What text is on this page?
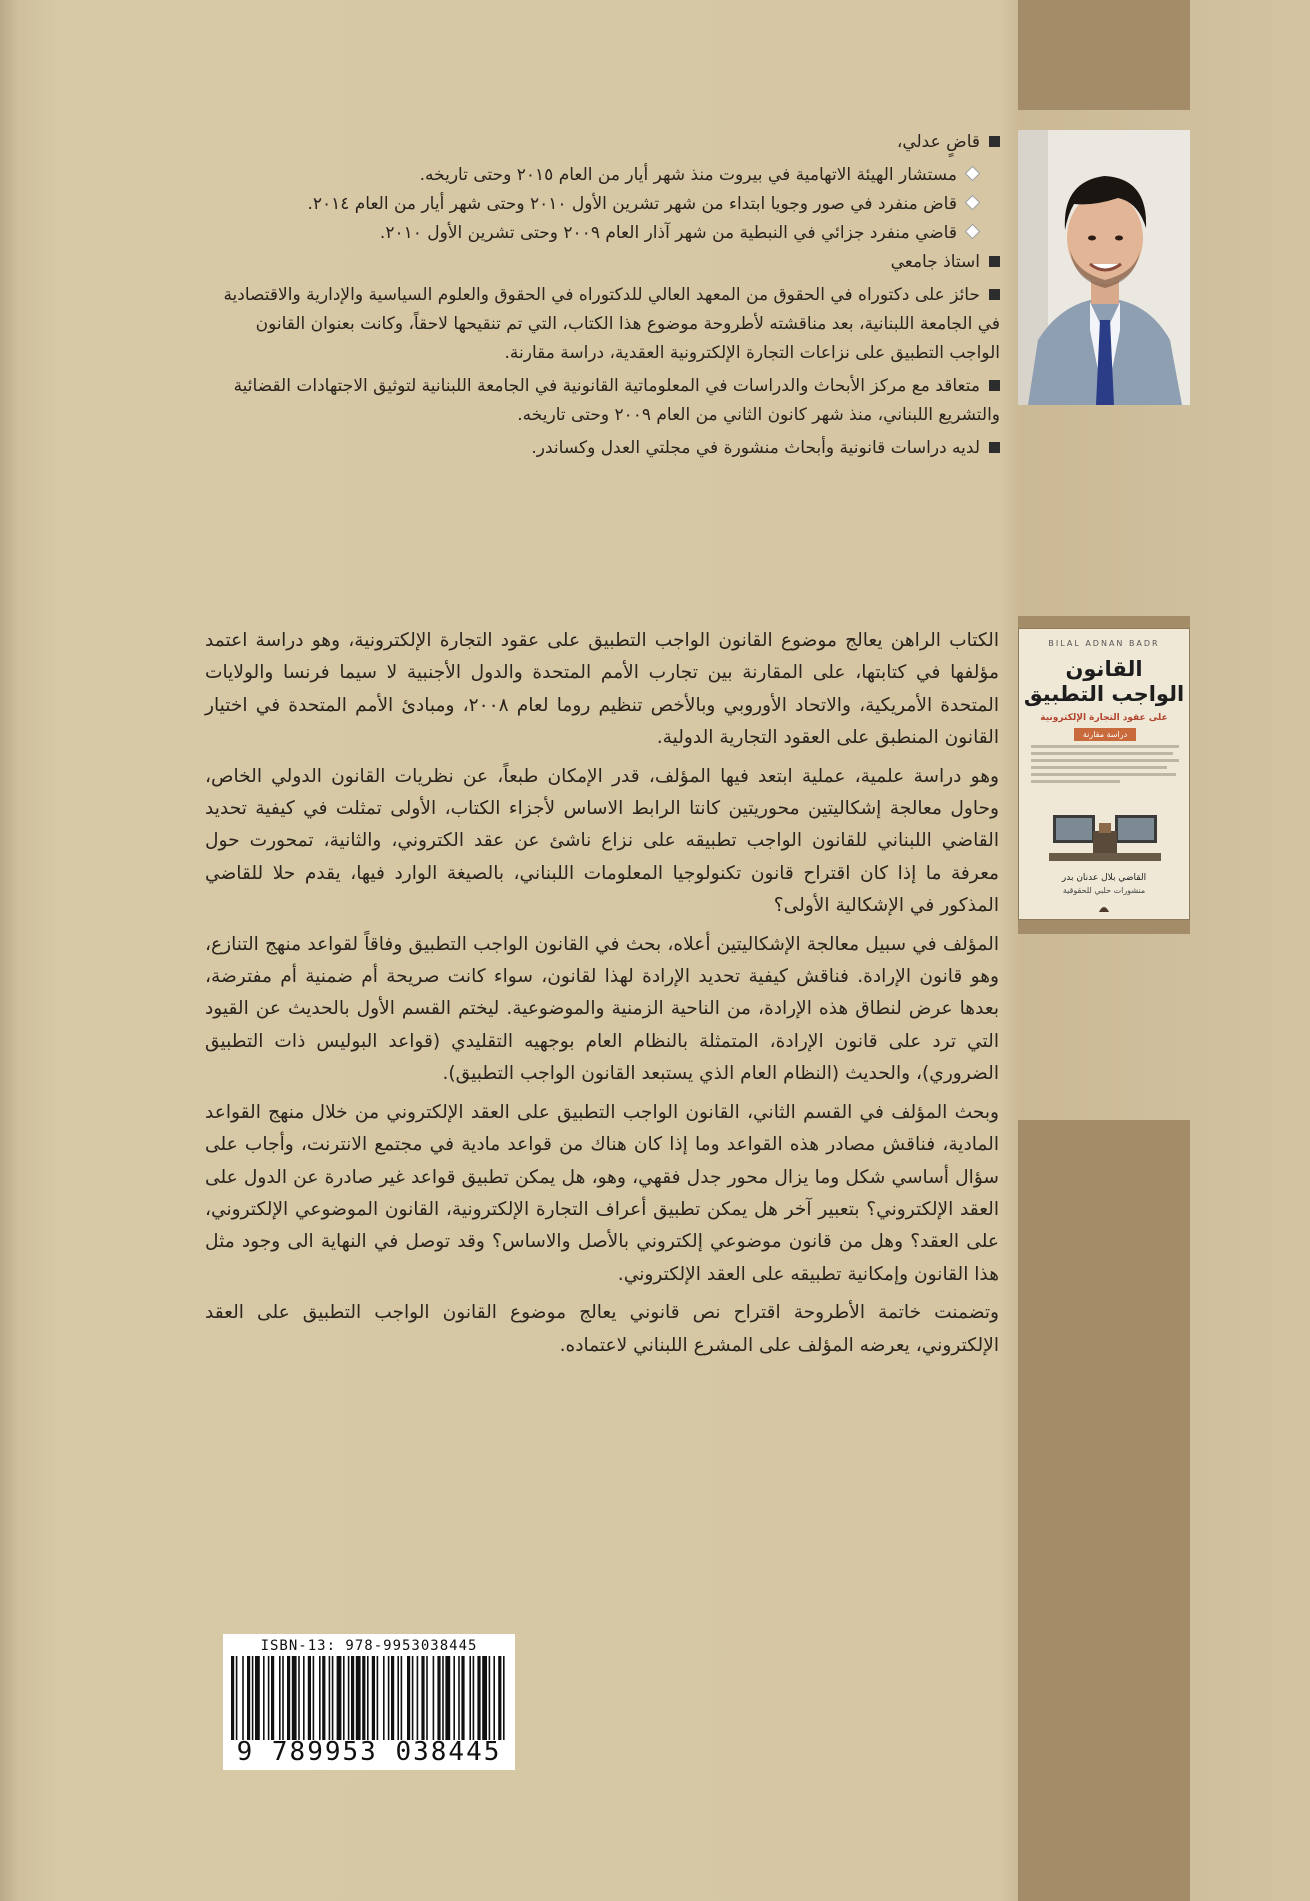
BILAL ADNAN BADR
القانون
الواجب التطبيق
على عقود التجارة الإلكترونية
دراسة مقارنة
القاضي بلال عدنان بدر
منشورات حلبي للحقوقية
قاضٍ عدلي،
مستشار الهيئة الاتهامية في بيروت منذ شهر أيار من العام ٢٠١٥ وحتى تاريخه.
قاض منفرد في صور وجويا ابتداء من شهر تشرين الأول ٢٠١٠ وحتى شهر أيار من العام ٢٠١٤.
قاضي منفرد جزائي في النبطية من شهر آذار العام ٢٠٠٩ وحتى تشرين الأول ٢٠١٠.
استاذ جامعي
حائز على دكتوراه في الحقوق من المعهد العالي للدكتوراه في الحقوق والعلوم السياسية والإدارية والاقتصادية في الجامعة اللبنانية، بعد مناقشته لأطروحة موضوع هذا الكتاب، التي تم تنقيحها لاحقاً، وكانت بعنوان القانون الواجب التطبيق على نزاعات التجارة الإلكترونية العقدية، دراسة مقارنة.
متعاقد مع مركز الأبحاث والدراسات في المعلوماتية القانونية في الجامعة اللبنانية لتوثيق الاجتهادات القضائية والتشريع اللبناني، منذ شهر كانون الثاني من العام ٢٠٠٩ وحتى تاريخه.
لديه دراسات قانونية وأبحاث منشورة في مجلتي العدل وكساندر.

الكتاب الراهن يعالج موضوع القانون الواجب التطبيق على عقود التجارة الإلكترونية، وهو دراسة اعتمد مؤلفها في كتابتها، على المقارنة بين تجارب الأمم المتحدة والدول الأجنبية لا سيما فرنسا والولايات المتحدة الأمريكية، والاتحاد الأوروبي وبالأخص تنظيم روما لعام ٢٠٠٨، ومبادئ الأمم المتحدة في اختيار القانون المنطبق على العقود التجارية الدولية.

وهو دراسة علمية، عملية ابتعد فيها المؤلف، قدر الإمكان طبعاً، عن نظريات القانون الدولي الخاص، وحاول معالجة إشكاليتين محوريتين كانتا الرابط الاساس لأجزاء الكتاب، الأولى تمثلت في كيفية تحديد القاضي اللبناني للقانون الواجب تطبيقه على نزاع ناشئ عن عقد الكتروني، والثانية، تمحورت حول معرفة ما إذا كان اقتراح قانون تكنولوجيا المعلومات اللبناني، بالصيغة الوارد فيها، يقدم حلا للقاضي المذكور في الإشكالية الأولى؟

المؤلف في سبيل معالجة الإشكاليتين أعلاه، بحث في القانون الواجب التطبيق وفاقاً لقواعد منهج التنازع، وهو قانون الإرادة. فناقش كيفية تحديد الإرادة لهذا لقانون، سواء كانت صريحة أم ضمنية أم مفترضة، بعدها عرض لنطاق هذه الإرادة، من الناحية الزمنية والموضوعية. ليختم القسم الأول بالحديث عن القيود التي ترد على قانون الإرادة، المتمثلة بالنظام العام بوجهيه التقليدي (قواعد البوليس ذات التطبيق الضروري)، والحديث (النظام العام الذي يستبعد القانون الواجب التطبيق).

وبحث المؤلف في القسم الثاني، القانون الواجب التطبيق على العقد الإلكتروني من خلال منهج القواعد المادية، فناقش مصادر هذه القواعد وما إذا كان هناك من قواعد مادية في مجتمع الانترنت، وأجاب على سؤال أساسي شكل وما يزال محور جدل فقهي، وهو، هل يمكن تطبيق قواعد غير صادرة عن الدول على العقد الإلكتروني؟ بتعبير آخر هل يمكن تطبيق أعراف التجارة الإلكترونية، القانون الموضوعي الإلكتروني، على العقد؟ وهل من قانون موضوعي إلكتروني بالأصل والاساس؟ وقد توصل في النهاية الى وجود مثل هذا القانون وإمكانية تطبيقه على العقد الإلكتروني.

وتضمنت خاتمة الأطروحة اقتراح نص قانوني يعالج موضوع القانون الواجب التطبيق على العقد الإلكتروني، يعرضه المؤلف على المشرع اللبناني لاعتماده.

ISBN-13: 978-9953038445
9 789953 038445
